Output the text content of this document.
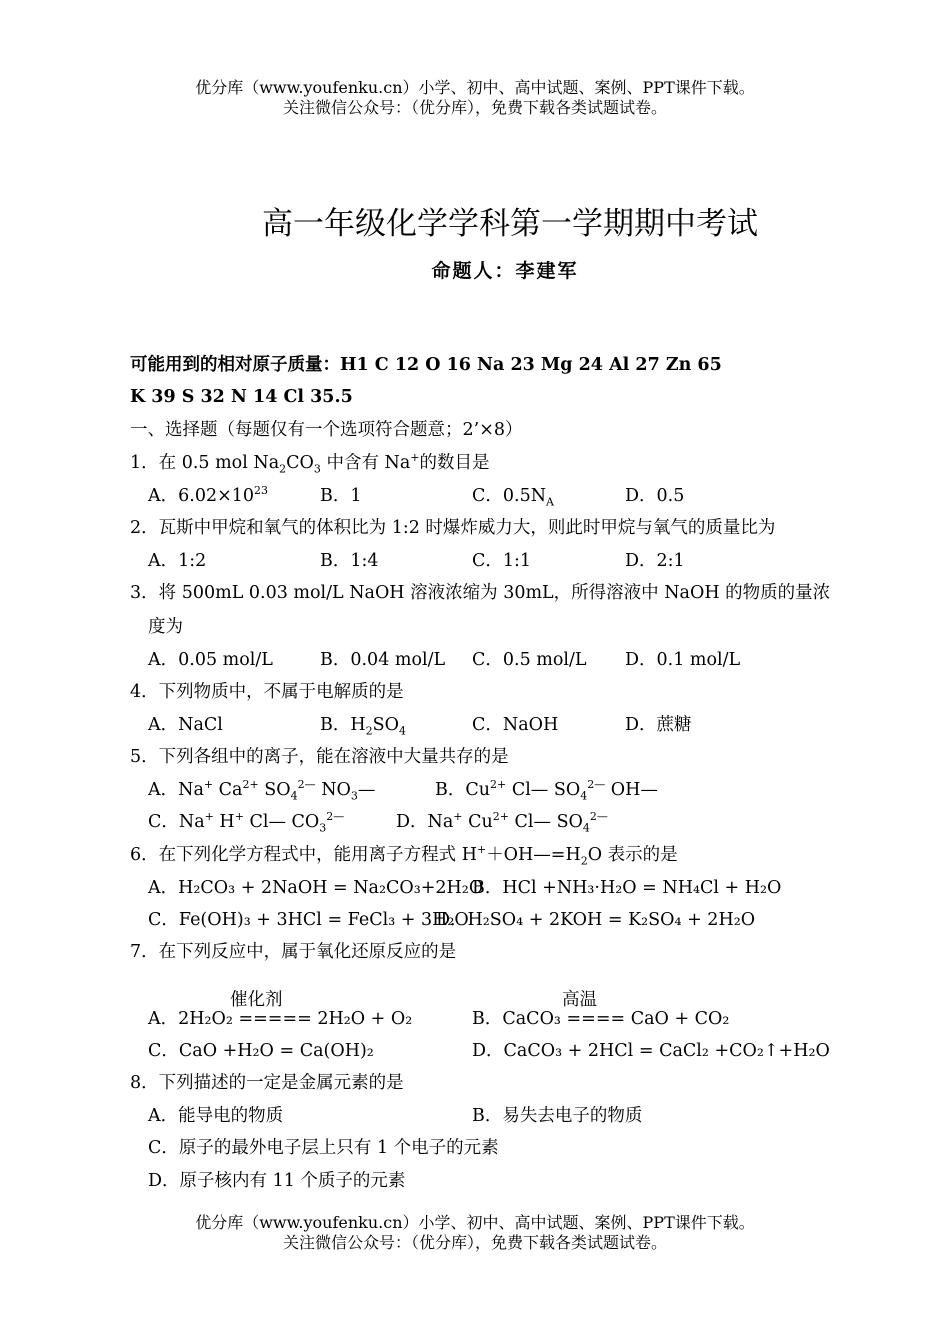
优分库（www.youfenku.cn）小学、初中、高中试题、案例、PPT课件下载。
关注微信公众号：（优分库），免费下载各类试题试卷。
高一年级化学学科第一学期期中考试
命题人：李建军
可能用到的相对原子质量：H1 C 12 O 16 Na 23 Mg 24 Al 27 Zn 65
K 39 S 32 N 14 Cl 35.5
一、选择题（每题仅有一个选项符合题意；2’×8）
1．在 0.5 mol $Na_2CO_3$ 中含有 Na+的数目是
A．$6.02\times 10^{23}$	B．1	C．$0.5N_A$	D．0.5
2．瓦斯中甲烷和氧气的体积比为 1:2 时爆炸威力大，则此时甲烷与氧气的质量比为
A．1:2	B．1:4	C．1:1	D．2:1
3．将 500mL 0.03 mol/L NaOH 溶液浓缩为 30mL，所得溶液中 NaOH 的物质的量浓
度为
A．0.05 mol/L	B．0.04 mol/L C．0.5 mol/L D．0.1 mol/L
4．下列物质中，不属于电解质的是
A．NaCl	B．$H_2SO_4$	C．NaOH	D．蔗糖
5．下列各组中的离子，能在溶液中大量共存的是
A．Na+ $Ca^{2+}$ $SO_4^{2—}$ $NO_3—$	B．$Cu^{2+}$ Cl— $SO_4^{2—}$ OH—
C．Na+ H+ Cl— $CO_3^{2—}$	D．Na+ $Cu^{2+}$ Cl— $SO_4^{2—}$
6．在下列化学方程式中，能用离子方程式 $H^++OH—=H_2O$ 表示的是
A．H₂CO₃ + 2NaOH = Na₂CO₃+2H₂O
B．HCl +NH₃·H₂O = NH₄Cl + H₂O
C．Fe(OH)₃ + 3HCl = FeCl₃ + 3H₂O
D．H₂SO₄ + 2KOH = K₂SO₄ + 2H₂O
7．在下列反应中，属于氧化还原反应的是
催化剂	高温
A．2H₂O₂ ===== 2H₂O + O₂	B．CaCO₃ ==== CaO + CO₂
C．CaO +H₂O = Ca(OH)₂	D．CaCO₃ + 2HCl = CaCl₂ +CO₂↑+H₂O
8．下列描述的一定是金属元素的是
A．能导电的物质	B．易失去电子的物质
C．原子的最外电子层上只有 1 个电子的元素
D．原子核内有 11 个质子的元素
优分库（www.youfenku.cn）小学、初中、高中试题、案例、PPT课件下载。
关注微信公众号：（优分库），免费下载各类试题试卷。
